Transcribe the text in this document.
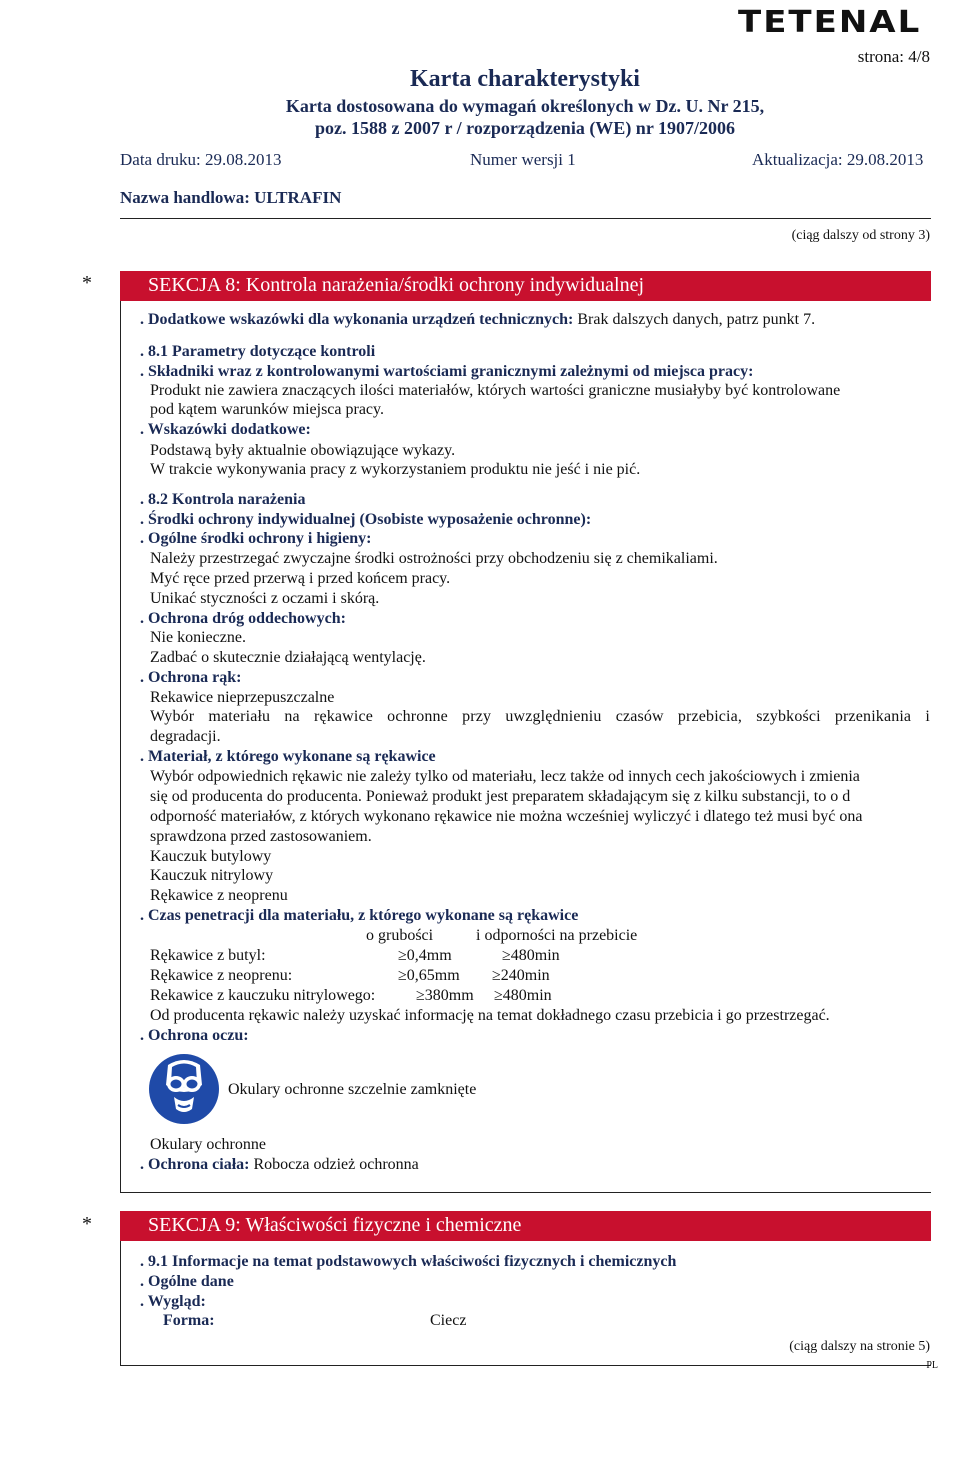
TETENAL
strona: 4/8
Karta charakterystyki
Karta dostosowana do wymagań określonych w Dz. U. Nr 215,
poz. 1588 z 2007 r / rozporządzenia (WE) nr 1907/2006
Data druku: 29.08.2013	Numer wersji 1	Aktualizacja: 29.08.2013
Nazwa handlowa: ULTRAFIN
(ciąg dalszy od strony 3)
*	SEKCJA 8: Kontrola narażenia/środki ochrony indywidualnej
. Dodatkowe wskazówki dla wykonania urządzeń technicznych: Brak dalszych danych, patrz punkt 7.
. 8.1 Parametry dotyczące kontroli
. Składniki wraz z kontrolowanymi wartościami granicznymi zależnymi od miejsca pracy:
Produkt nie zawiera znaczących ilości materiałów, których wartości graniczne musiałyby być kontrolowane
pod kątem warunków miejsca pracy.
. Wskazówki dodatkowe:
Podstawą były aktualnie obowiązujące wykazy.
W trakcie wykonywania pracy z wykorzystaniem produktu nie jeść i nie pić.
. 8.2 Kontrola narażenia
. Środki ochrony indywidualnej (Osobiste wyposażenie ochronne):
. Ogólne środki ochrony i higieny:
Należy przestrzegać zwyczajne środki ostrożności przy obchodzeniu się z chemikaliami.
Myć ręce przed przerwą i przed końcem pracy.
Unikać styczności z oczami i skórą.
. Ochrona dróg oddechowych:
Nie konieczne.
Zadbać o skutecznie działającą wentylację.
. Ochrona rąk:
Rekawice nieprzepuszczalne
Wybór materiału na rękawice ochronne przy uwzględnieniu czasów przebicia, szybkości przenikania i
degradacji.
. Materiał, z którego wykonane są rękawice
Wybór odpowiednich rękawic nie zależy tylko od materiału, lecz także od innych cech jakościowych i zmienia
się od producenta do producenta. Ponieważ produkt jest preparatem składającym się z kilku substancji, to o d
odporność materiałów, z których wykonano rękawice nie można wcześniej wyliczyć i dlatego też musi być ona
sprawdzona przed zastosowaniem.
Kauczuk butylowy
Kauczuk nitrylowy
Rękawice z neoprenu
. Czas penetracji dla materiału, z którego wykonane są rękawice
o grubości	i odporności na przebicie
Rękawice z butyl:	≥0,4mm	≥480min
Rękawice z neoprenu:	≥0,65mm ≥240min
Rekawice z kauczuku nitrylowego:	≥380mm ≥480min
Od producenta rękawic należy uzyskać informację na temat dokładnego czasu przebicia i go przestrzegać.
. Ochrona oczu:
Okulary ochronne szczelnie zamknięte
Okulary ochronne
. Ochrona ciała: Robocza odzież ochronna
*	SEKCJA 9: Właściwości fizyczne i chemiczne
. 9.1 Informacje na temat podstawowych właściwości fizycznych i chemicznych
. Ogólne dane
. Wygląd:
Forma:	Ciecz
(ciąg dalszy na stronie 5)
PL
